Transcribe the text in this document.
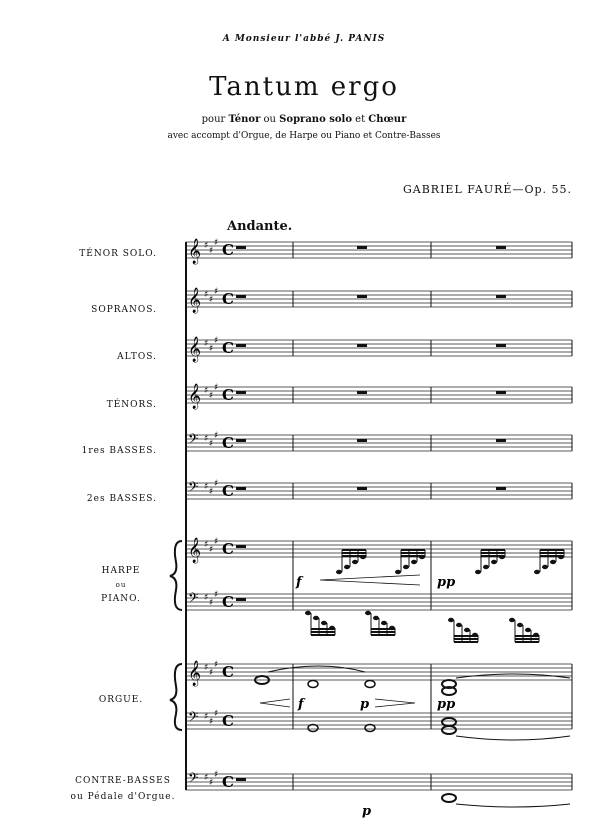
A Monsieur l'abbé J. PANIS
Tantum ergo
pour Ténor ou Soprano solo et Chœur
avec accompt d'Orgue, de Harpe ou Piano et Contre-Basses
GABRIEL FAURÉ—Op. 55.
Andante.
TÉNOR SOLO.
SOPRANOS.
ALTOS.
TÉNORS.
1res BASSES.
2es BASSES.
HARPE
ou
PIANO.
ORGUE.
CONTRE-BASSES
ou Pédale d'Orgue.
𝄞 ♯ ♯
♯ C
𝄞 ♯ ♯
♯ C
𝄞 ♯ ♯
♯ C
𝄞 ♯ ♯
♯ C
𝄢 ♯ ♯
♯ C
𝄢 ♯ ♯
♯ C
𝄞 ♯ ♯
♯ C
𝄢 ♯ ♯
♯ C
𝄞 ♯ ♯
♯ C
𝄢 ♯ ♯
♯ C
𝄢 ♯ ♯
♯ C
f	pp
f	p	pp
p
